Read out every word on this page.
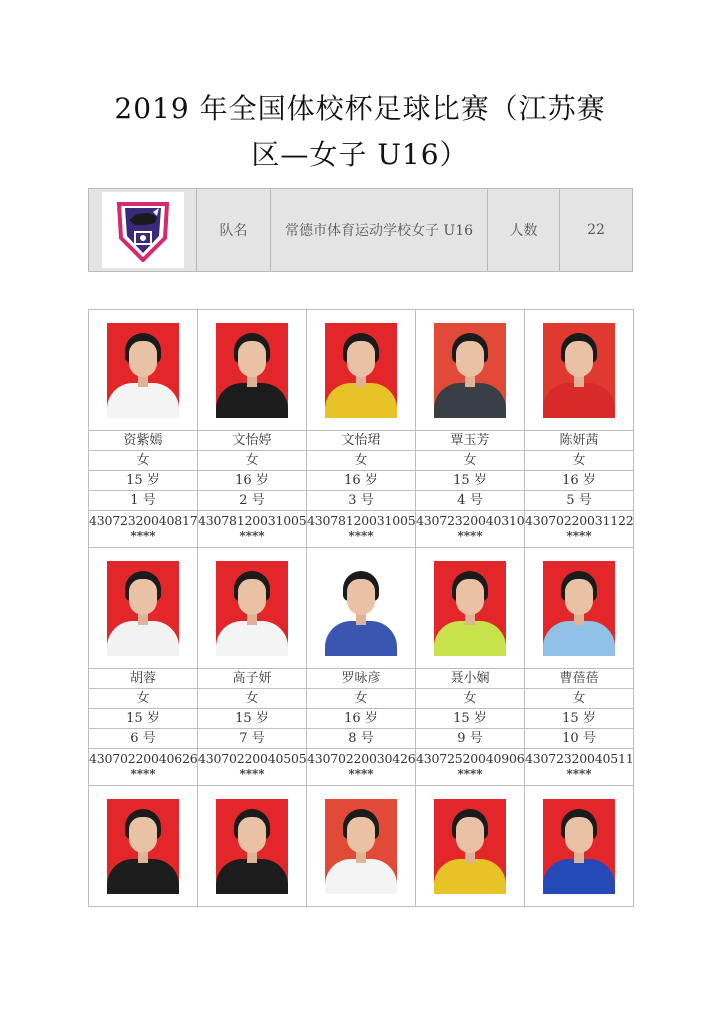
2019 年全国体校杯足球比赛（江苏赛
区—女子 U16）
	队名	常德市体育运动学校女子 U16	人数	22

资紫嫣	文怡婷	文怡珺	覃玉芳	陈妍茜
女	女	女	女	女
15 岁	16 岁	16 岁	15 岁	16 岁
1 号	2 号	3 号	4 号	5 号
43072320040817	43078120031005	43078120031005	43072320040310	43070220031122
****	****	****	****	****

胡蓉	高子妍	罗咏彦	聂小娴	曹蓓蓓
女	女	女	女	女
15 岁	15 岁	16 岁	15 岁	15 岁
6 号	7 号	8 号	9 号	10 号
43070220040626	43070220040505	43070220030426	43072520040906	43072320040511
****	****	****	****	****
